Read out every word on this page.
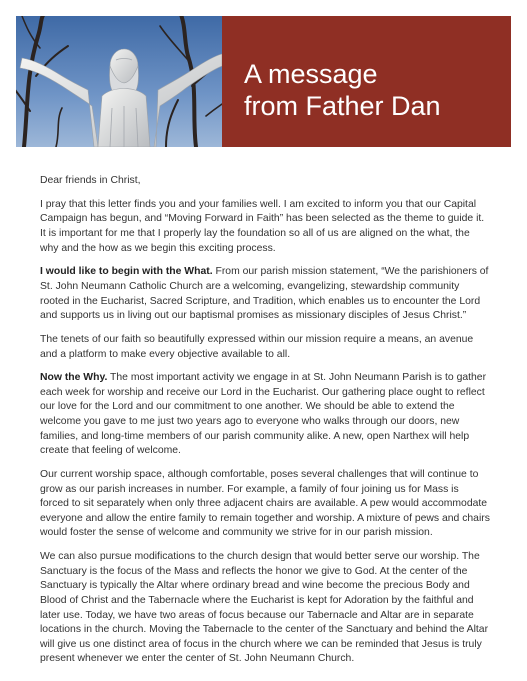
A message
from Father Dan

Dear friends in Christ,

I pray that this letter finds you and your families well. I am excited to inform you that our Capital Campaign has begun, and “Moving Forward in Faith” has been selected as the theme to guide it. It is important for me that I properly lay the foundation so all of us are aligned on the what, the why and the how as we begin this exciting process.

I would like to begin with the What. From our parish mission statement, “We the parishioners of St. John Neumann Catholic Church are a welcoming, evangelizing, stewardship community rooted in the Eucharist, Sacred Scripture, and Tradition, which enables us to encounter the Lord and supports us in living out our baptismal promises as missionary disciples of Jesus Christ.”

The tenets of our faith so beautifully expressed within our mission require a means, an avenue and a platform to make every objective available to all.

Now the Why. The most important activity we engage in at St. John Neumann Parish is to gather each week for worship and receive our Lord in the Eucharist. Our gathering place ought to reflect our love for the Lord and our commitment to one another. We should be able to extend the welcome you gave to me just two years ago to everyone who walks through our doors, new families, and long-time members of our parish community alike. A new, open Narthex will help create that feeling of welcome.

Our current worship space, although comfortable, poses several challenges that will continue to grow as our parish increases in number. For example, a family of four joining us for Mass is forced to sit separately when only three adjacent chairs are available. A pew would accommodate everyone and allow the entire family to remain together and worship. A mixture of pews and chairs would foster the sense of welcome and community we strive for in our parish mission.

We can also pursue modifications to the church design that would better serve our worship. The Sanctuary is the focus of the Mass and reflects the honor we give to God. At the center of the Sanctuary is typically the Altar where ordinary bread and wine become the precious Body and Blood of Christ and the Tabernacle where the Eucharist is kept for Adoration by the faithful and later use. Today, we have two areas of focus because our Tabernacle and Altar are in separate locations in the church. Moving the Tabernacle to the center of the Sanctuary and behind the Altar will give us one distinct area of focus in the church where we can be reminded that Jesus is truly present whenever we enter the center of St. John Neumann Church.
